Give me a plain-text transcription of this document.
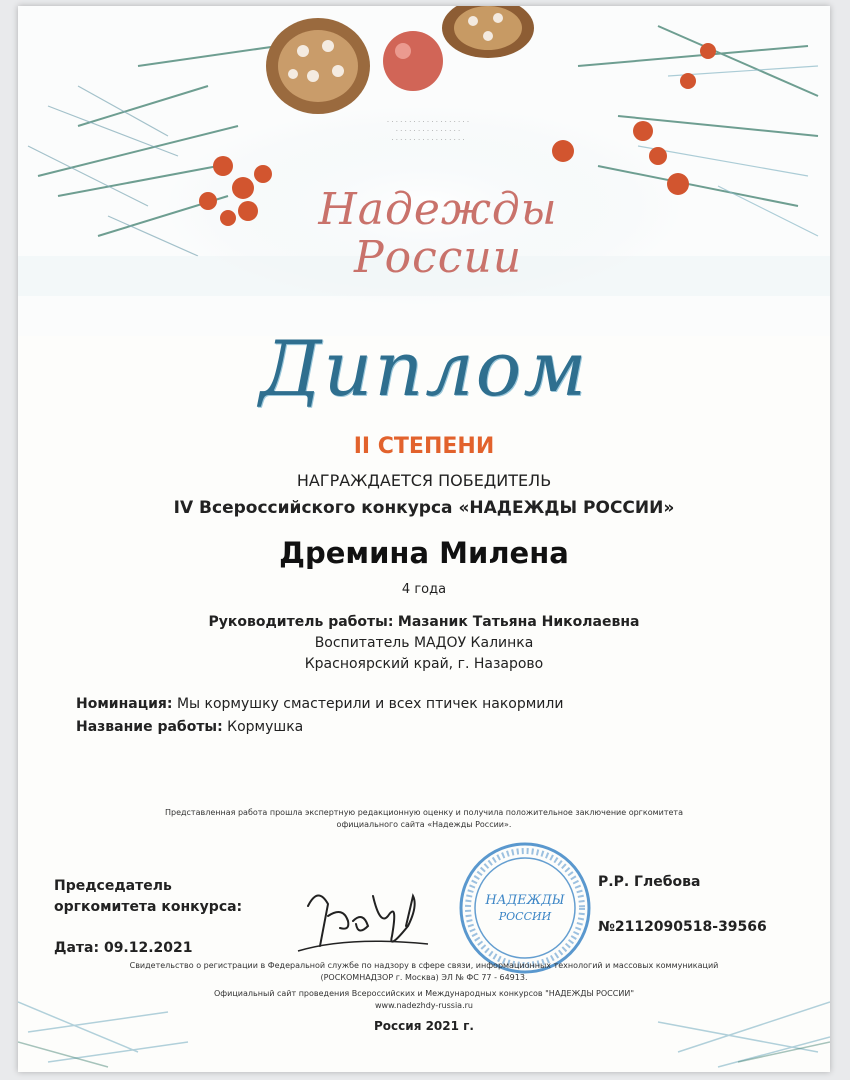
· · · · · · · · · · · · · · · · · · ·
· · · · · · · · · · · · · · ·
· · · · · · · · · · · · · · · · ·
Надежды
России
Диплом
II СТЕПЕНИ
НАГРАЖДАЕТСЯ ПОБЕДИТЕЛЬ
IV Всероссийского конкурса «НАДЕЖДЫ РОССИИ»
Дремина Милена
4 года
Руководитель работы: Мазаник Татьяна Николаевна
Воспитатель МАДОУ Калинка
Красноярский край, г. Назарово
Номинация: Мы кормушку смастерили и всех птичек накормили
Название работы: Кормушка
Представленная работа прошла экспертную редакционную оценку и получила положительное заключение оргкомитета
официального сайта «Надежды России».
Председатель
оргкомитета конкурса:
Дата: 09.12.2021
Р.Р. Глебова
№2112090518-39566
НАДЕЖДЫ
РОССИИ
Свидетельство о регистрации в Федеральной службе по надзору в сфере связи, информационных технологий и массовых коммуникаций
(РОСКОМНАДЗОР г. Москва) ЭЛ № ФС 77 - 64913.
Официальный сайт проведения Всероссийских и Международных конкурсов "НАДЕЖДЫ РОССИИ"
www.nadezhdy-russia.ru
Россия 2021 г.
